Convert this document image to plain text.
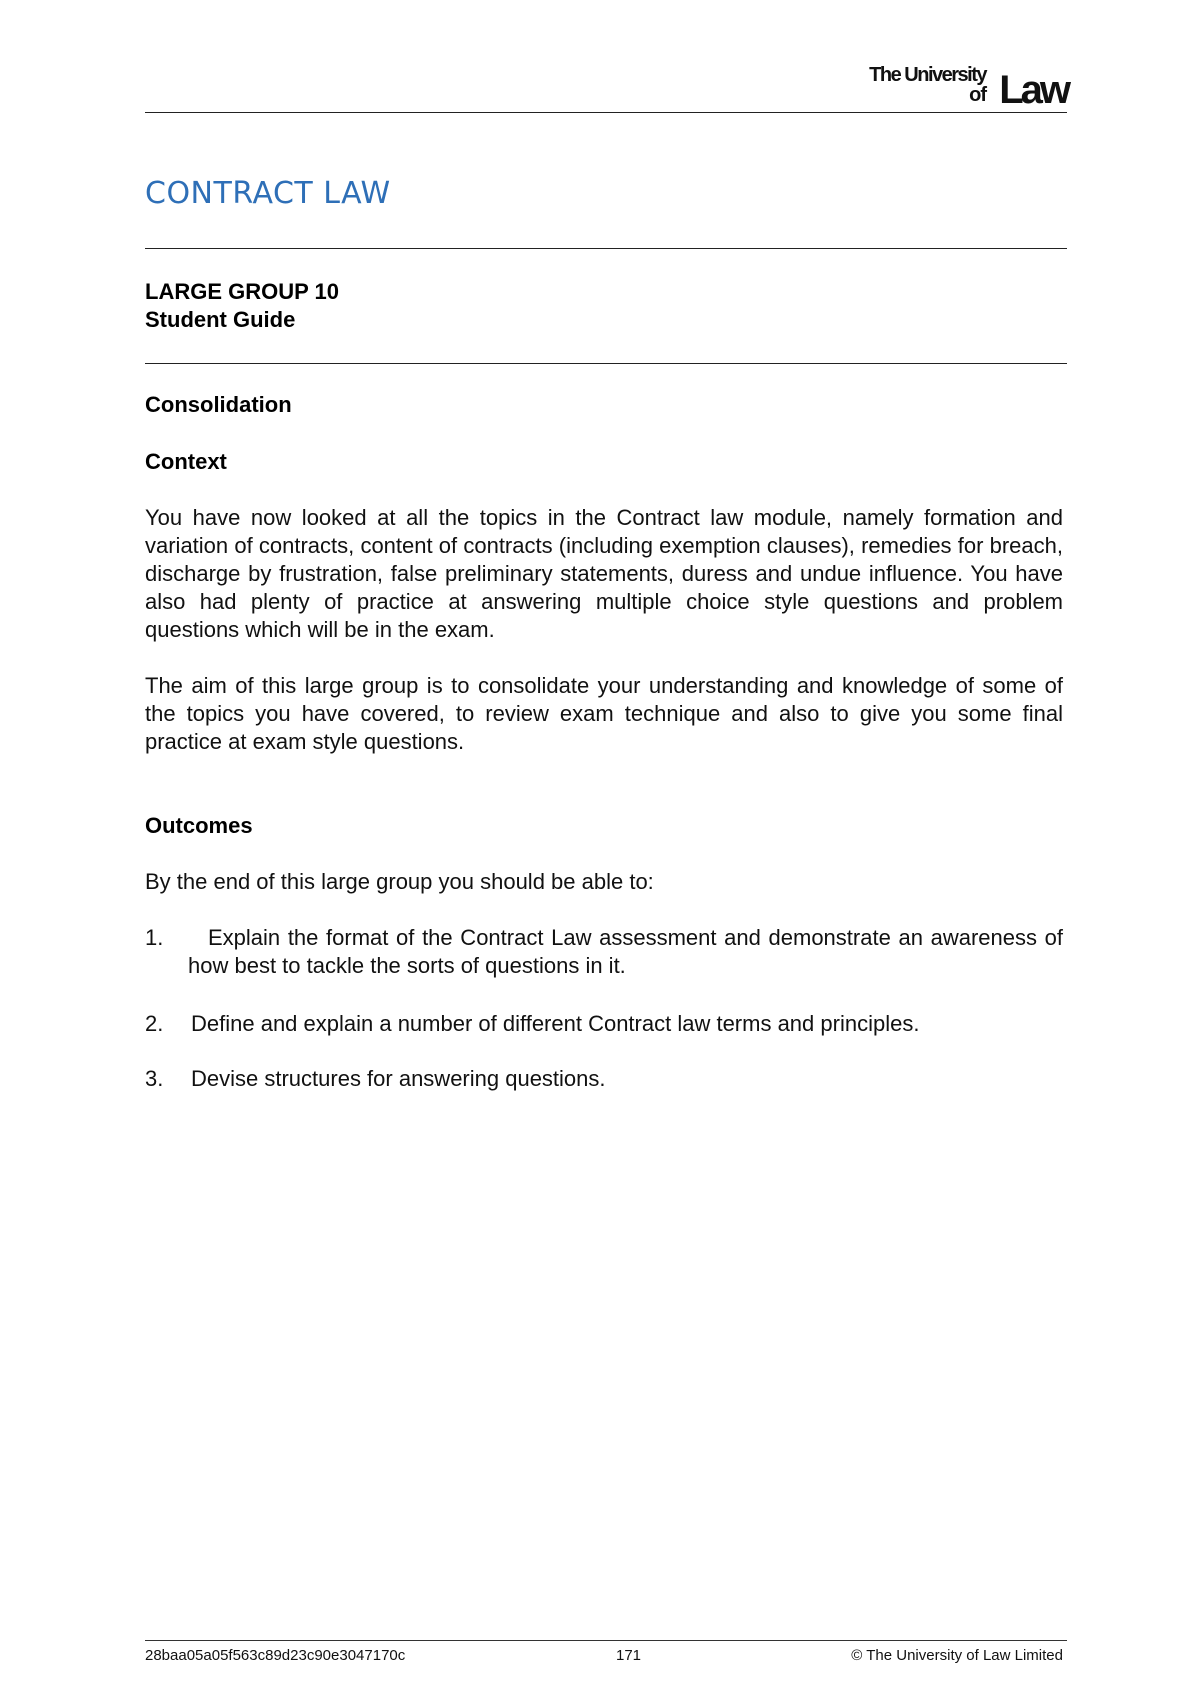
The University
of Law
CONTRACT LAW
LARGE GROUP 10
Student Guide
Consolidation
Context
You have now looked at all the topics in the Contract law module, namely formation and variation of contracts, content of contracts (including exemption clauses), remedies for breach, discharge by frustration, false preliminary statements, duress and undue influence. You have also had plenty of practice at answering multiple choice style questions and problem questions which will be in the exam.
The aim of this large group is to consolidate your understanding and knowledge of some of the topics you have covered, to review exam technique and also to give you some final practice at exam style questions.
Outcomes
By the end of this large group you should be able to:
1.	Explain the format of the Contract Law assessment and demonstrate an awareness of how best to tackle the sorts of questions in it.
2. Define and explain a number of different Contract law terms and principles.
3. Devise structures for answering questions.
28baa05a05f563c89d23c90e3047170c	171	© The University of Law Limited
